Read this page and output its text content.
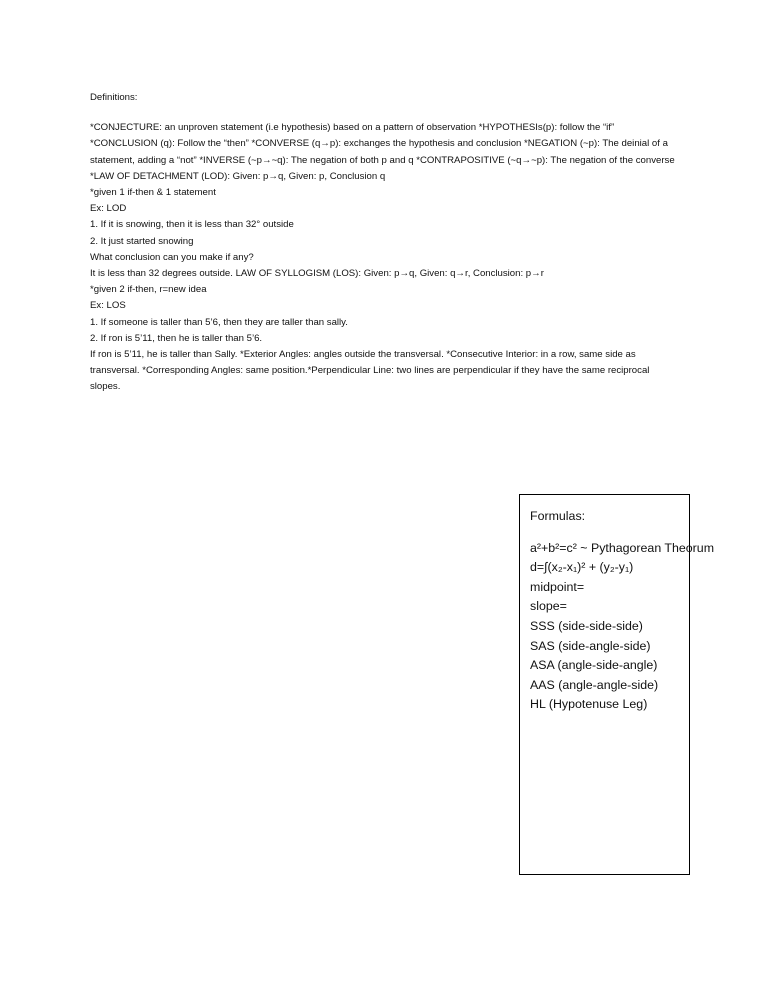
Definitions:

*CONJECTURE: an unproven statement (i.e hypothesis) based on a pattern of observation *HYPOTHESIs(p): follow the “if” *CONCLUSION (q): Follow the “then” *CONVERSE (q→p): exchanges the hypothesis and conclusion *NEGATION (~p): The deinial of a statement, adding a “not” *INVERSE (~p→~q): The negation of both p and q *CONTRAPOSITIVE (~q→~p): The negation of the converse *LAW OF DETACHMENT (LOD): Given: p→q, Given: p, Conclusion q

*given 1 if-then & 1 statement

Ex: LOD

1. If it is snowing, then it is less than 32° outside

2. It just started snowing

What conclusion can you make if any?

It is less than 32 degrees outside. LAW OF SYLLOGISM (LOS): Given: p→q, Given: q→r, Conclusion: p→r

*given 2 if-then, r=new idea

Ex: LOS

1. If someone is taller than 5’6, then they are taller than sally.

2. If ron is 5’11, then he is taller than 5’6.

If ron is 5’11, he is taller than Sally. *Exterior Angles: angles outside the transversal. *Consecutive Interior: in a row, same side as transversal. *Corresponding Angles: same position.*Perpendicular Line: two lines are perpendicular if they have the same reciprocal slopes.

Formulas:

a²+b²=c² ~ Pythagorean Theorum

d=∫(x₂-x₁)² + (y₂-y₁)

midpoint=

slope=

SSS (side-side-side)

SAS (side-angle-side)

ASA (angle-side-angle)

AAS (angle-angle-side)

HL (Hypotenuse Leg)
